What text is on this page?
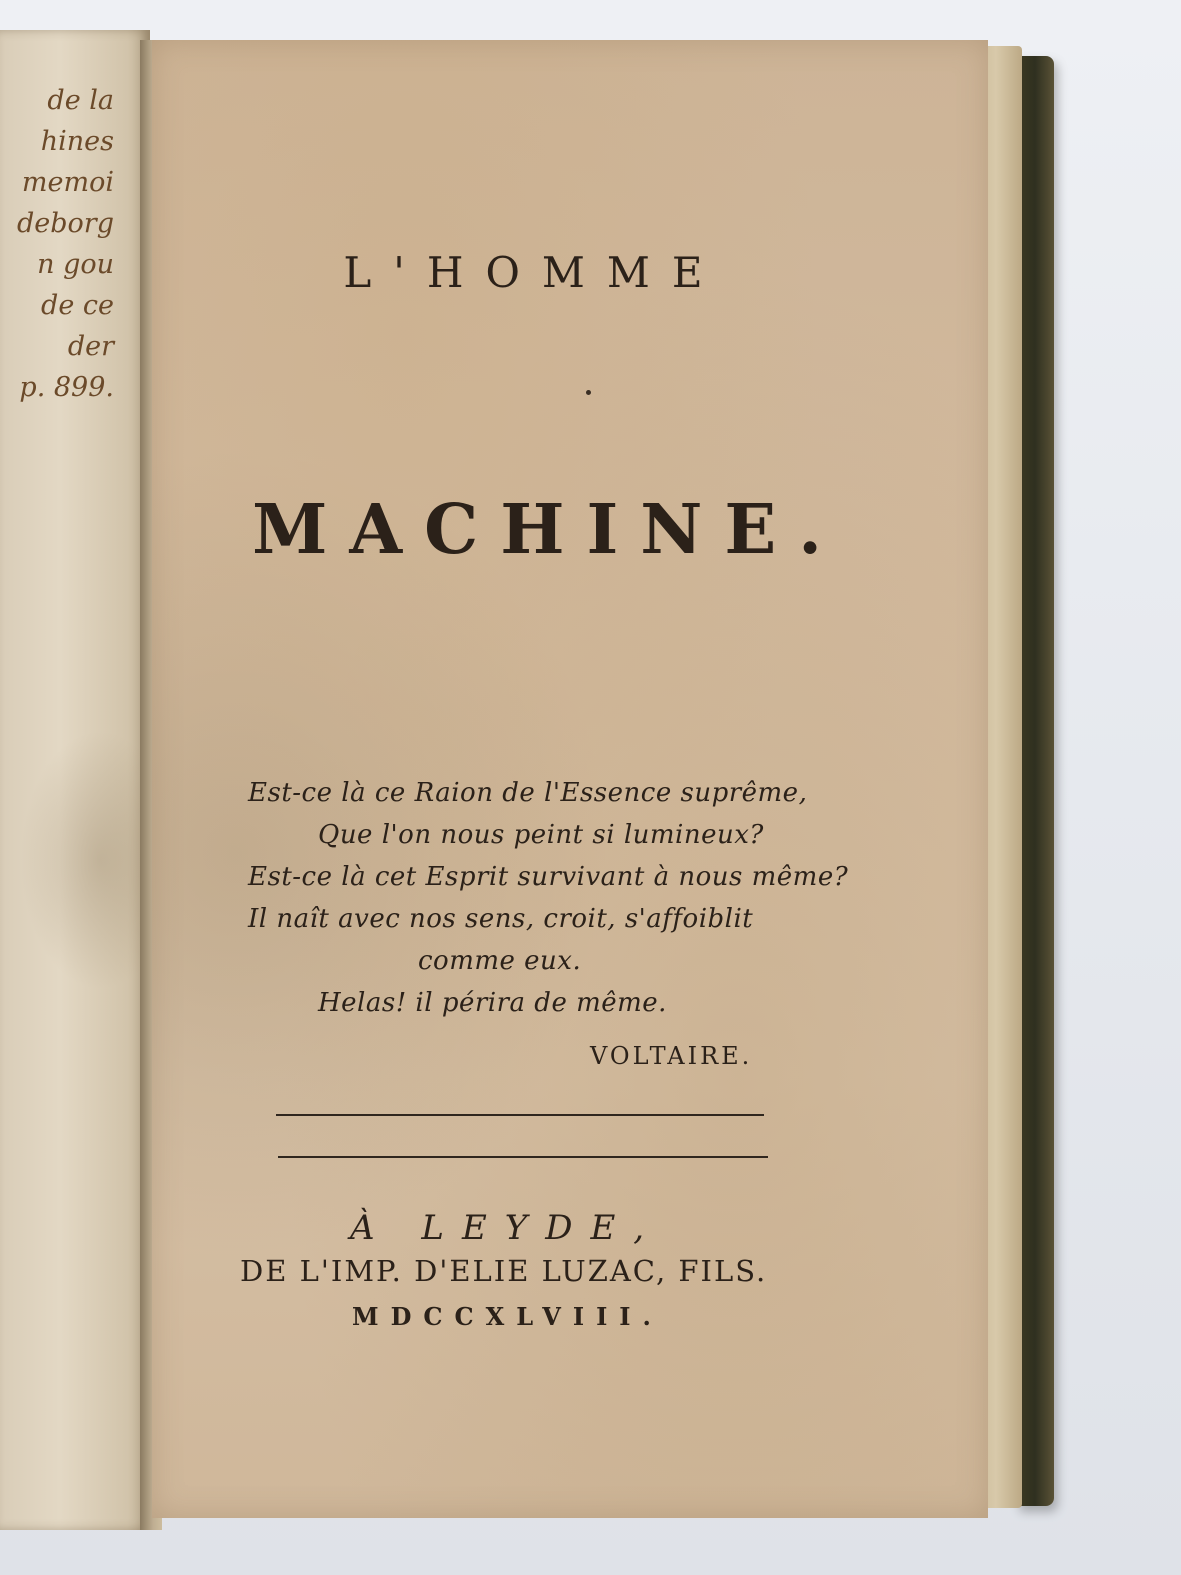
de la
hines
memoi
deborg
n gou
de ce
der
p. 899.
L'HOMME
MACHINE.
Est-ce là ce Raion de l'Essence suprême,
Que l'on nous peint si lumineux?
Est-ce là cet Esprit survivant à nous même?
Il naît avec nos sens, croit, s'affoiblit
comme eux.
Helas! il périra de même.
VOLTAIRE.
À LEYDE,
DE L'IMP. D'ELIE LUZAC, FILS.
MDCCXLVIII.
